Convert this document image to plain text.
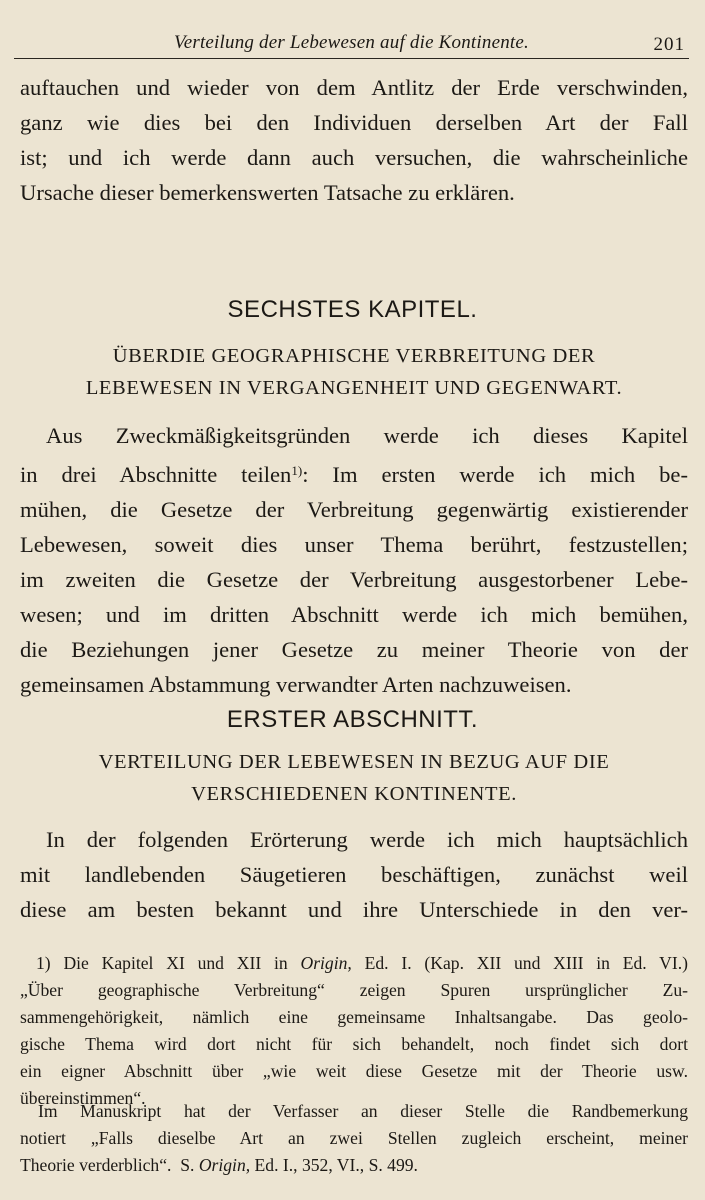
Verteilung der Lebewesen auf die Kontinente.	201
auftauchen und wieder von dem Antlitz der Erde verschwinden,
ganz wie dies bei den Individuen derselben Art der Fall
ist; und ich werde dann auch versuchen, die wahrscheinliche
Ursache dieser bemerkenswerten Tatsache zu erklären.
SECHSTES KAPITEL.
ÜBERDIE GEOGRAPHISCHE VERBREITUNG DER
LEBEWESEN IN VERGANGENHEIT UND GEGENWART.
Aus Zweckmäßigkeitsgründen werde ich dieses Kapitel
in drei Abschnitte teilen$^{1)}$: Im ersten werde ich mich be-
mühen, die Gesetze der Verbreitung gegenwärtig existierender
Lebewesen, soweit dies unser Thema berührt, festzustellen;
im zweiten die Gesetze der Verbreitung ausgestorbener Lebe-
wesen; und im dritten Abschnitt werde ich mich bemühen,
die Beziehungen jener Gesetze zu meiner Theorie von der
gemeinsamen Abstammung verwandter Arten nachzuweisen.
ERSTER ABSCHNITT.
VERTEILUNG DER LEBEWESEN IN BEZUG AUF DIE
VERSCHIEDENEN KONTINENTE.
In der folgenden Erörterung werde ich mich hauptsächlich
mit landlebenden Säugetieren beschäftigen, zunächst weil
diese am besten bekannt und ihre Unterschiede in den ver-
1) Die Kapitel XI und XII in Origin, Ed. I. (Kap. XII und XIII in Ed. VI.)
„Über geographische Verbreitung“ zeigen Spuren ursprünglicher Zu-
sammengehörigkeit, nämlich eine gemeinsame Inhaltsangabe. Das geolo-
gische Thema wird dort nicht für sich behandelt, noch findet sich dort
ein eigner Abschnitt über „wie weit diese Gesetze mit der Theorie usw.
übereinstimmen“.
Im Manuskript hat der Verfasser an dieser Stelle die Randbemerkung
notiert „Falls dieselbe Art an zwei Stellen zugleich erscheint, meiner
Theorie verderblich“. S. Origin, Ed. I., 352, VI., S. 499.
